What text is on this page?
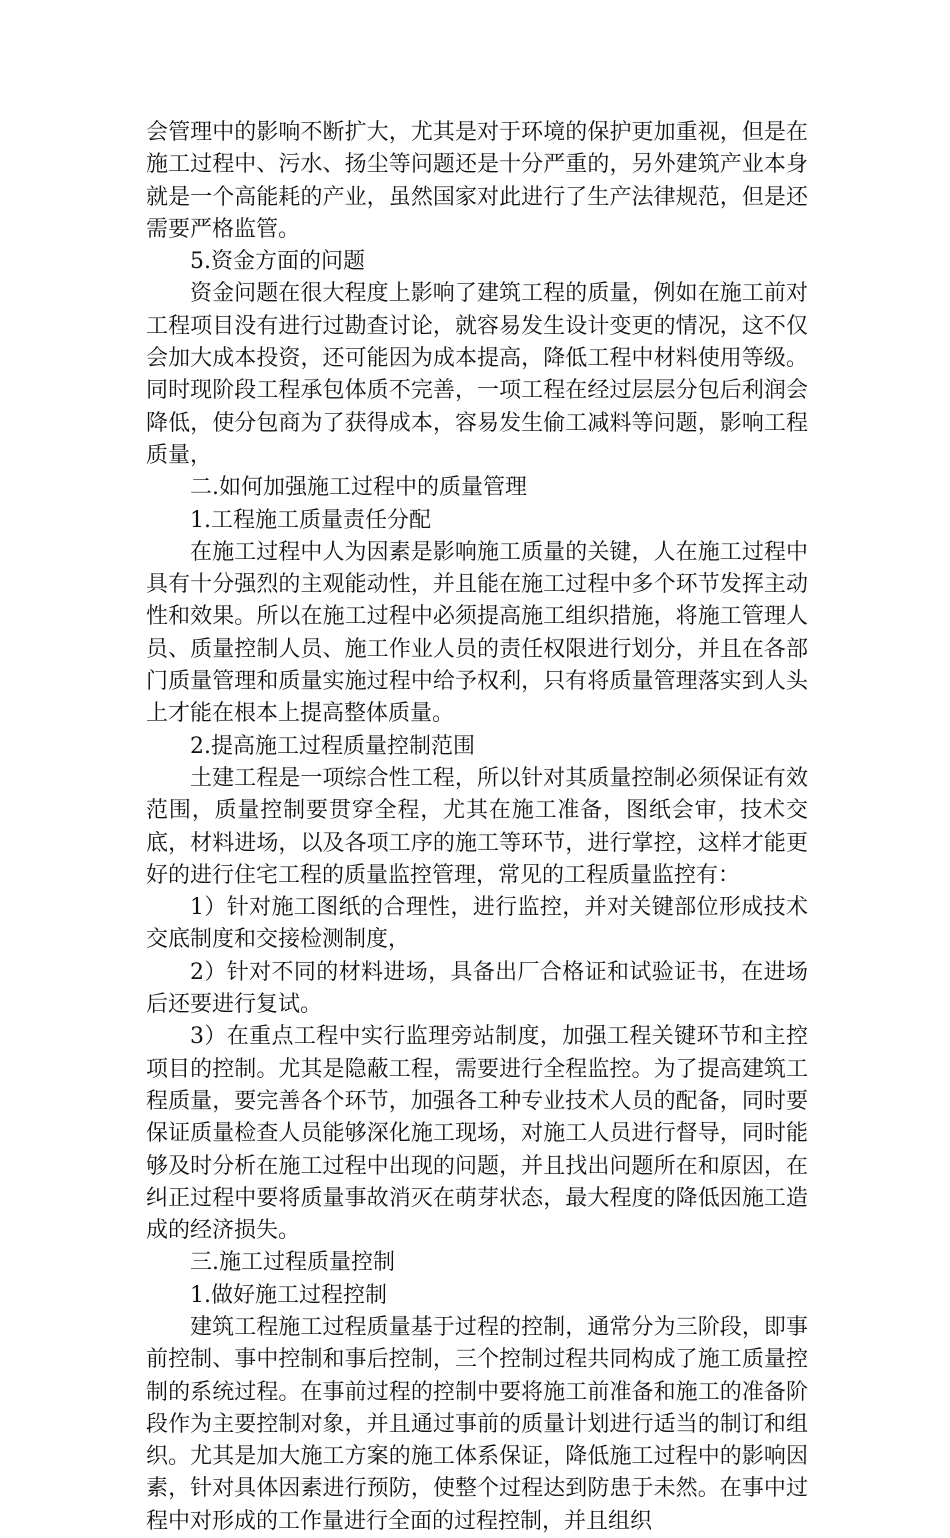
会管理中的影响不断扩大，尤其是对于环境的保护更加重视，但是在施工过程中、污水、扬尘等问题还是十分严重的，另外建筑产业本身就是一个高能耗的产业，虽然国家对此进行了生产法律规范，但是还需要严格监管。

5.资金方面的问题

资金问题在很大程度上影响了建筑工程的质量，例如在施工前对工程项目没有进行过勘查讨论，就容易发生设计变更的情况，这不仅会加大成本投资，还可能因为成本提高，降低工程中材料使用等级。同时现阶段工程承包体质不完善，一项工程在经过层层分包后利润会降低，使分包商为了获得成本，容易发生偷工减料等问题，影响工程质量，

二.如何加强施工过程中的质量管理

1.工程施工质量责任分配

在施工过程中人为因素是影响施工质量的关键，人在施工过程中具有十分强烈的主观能动性，并且能在施工过程中多个环节发挥主动性和效果。所以在施工过程中必须提高施工组织措施，将施工管理人员、质量控制人员、施工作业人员的责任权限进行划分，并且在各部门质量管理和质量实施过程中给予权利，只有将质量管理落实到人头上才能在根本上提高整体质量。

2.提高施工过程质量控制范围

土建工程是一项综合性工程，所以针对其质量控制必须保证有效范围，质量控制要贯穿全程，尤其在施工准备，图纸会审，技术交底，材料进场，以及各项工序的施工等环节，进行掌控，这样才能更好的进行住宅工程的质量监控管理，常见的工程质量监控有：

1）针对施工图纸的合理性，进行监控，并对关键部位形成技术交底制度和交接检测制度，

2）针对不同的材料进场，具备出厂合格证和试验证书，在进场后还要进行复试。

3）在重点工程中实行监理旁站制度，加强工程关键环节和主控项目的控制。尤其是隐蔽工程，需要进行全程监控。为了提高建筑工程质量，要完善各个环节，加强各工种专业技术人员的配备，同时要保证质量检查人员能够深化施工现场，对施工人员进行督导，同时能够及时分析在施工过程中出现的问题，并且找出问题所在和原因，在纠正过程中要将质量事故消灭在萌芽状态，最大程度的降低因施工造成的经济损失。

三.施工过程质量控制

1.做好施工过程控制

建筑工程施工过程质量基于过程的控制，通常分为三阶段，即事前控制、事中控制和事后控制，三个控制过程共同构成了施工质量控制的系统过程。在事前过程的控制中要将施工前准备和施工的准备阶段作为主要控制对象，并且通过事前的质量计划进行适当的制订和组织。尤其是加大施工方案的施工体系保证，降低施工过程中的影响因素，针对具体因素进行预防，使整个过程达到防患于未然。在事中过程中对形成的工作量进行全面的过程控制，并且组织
